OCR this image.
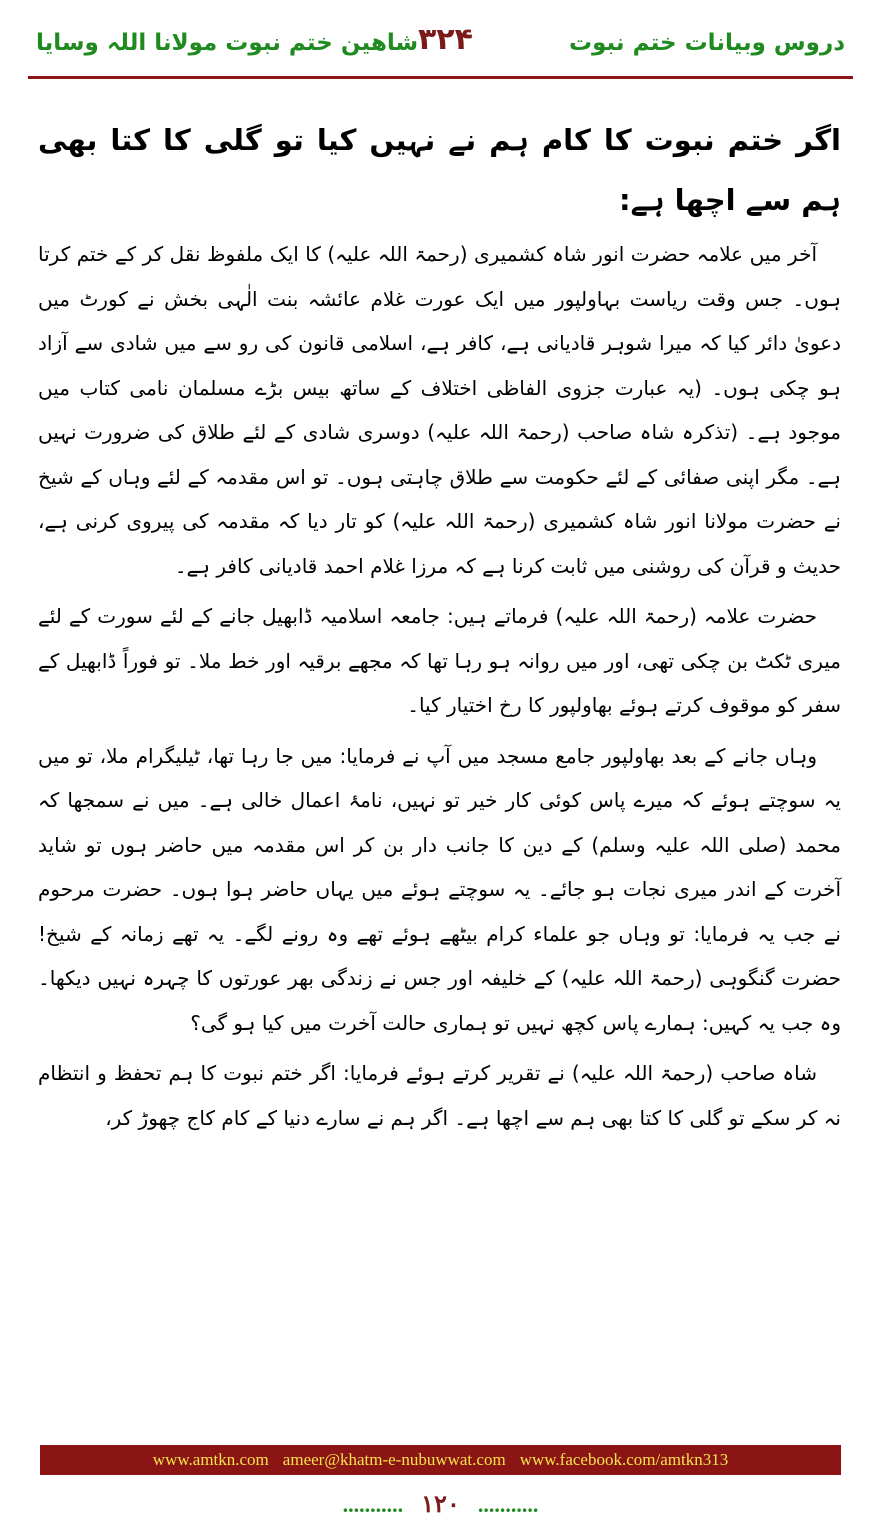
شاھین ختم نبوت مولانا اللہ وسایا ۳۲۴	دروس وبیانات ختم نبوت
اگر ختم نبوت کا کام ہم نے نہیں کیا تو گلی کا کتا بھی ہم سے اچھا ہے:

آخر میں علامہ حضرت انور شاہ کشمیری (رحمۃ اللہ علیہ) کا ایک ملفوظ نقل کر کے ختم کرتا ہوں۔ جس وقت ریاست بہاولپور میں ایک عورت غلام عائشہ بنت الٰہی بخش نے کورٹ میں دعویٰ دائر کیا کہ میرا شوہر قادیانی ہے، کافر ہے، اسلامی قانون کی رو سے میں شادی سے آزاد ہو چکی ہوں۔ (یہ عبارت جزوی الفاظی اختلاف کے ساتھ بیس بڑے مسلمان نامی کتاب میں موجود ہے۔ (تذکرہ شاہ صاحب (رحمۃ اللہ علیہ) دوسری شادی کے لئے طلاق کی ضرورت نہیں ہے۔ مگر اپنی صفائی کے لئے حکومت سے طلاق چاہتی ہوں۔ تو اس مقدمہ کے لئے وہاں کے شیخ نے حضرت مولانا انور شاہ کشمیری (رحمۃ اللہ علیہ) کو تار دیا کہ مقدمہ کی پیروی کرنی ہے، حدیث و قرآن کی روشنی میں ثابت کرنا ہے کہ مرزا غلام احمد قادیانی کافر ہے۔

حضرت علامہ (رحمۃ اللہ علیہ) فرماتے ہیں: جامعہ اسلامیہ ڈابھیل جانے کے لئے سورت کے لئے میری ٹکٹ بن چکی تھی، اور میں روانہ ہو رہا تھا کہ مجھے برقیہ اور خط ملا۔ تو فوراً ڈابھیل کے سفر کو موقوف کرتے ہوئے بھاولپور کا رخ اختیار کیا۔

وہاں جانے کے بعد بھاولپور جامع مسجد میں آپ نے فرمایا: میں جا رہا تھا، ٹیلیگرام ملا، تو میں یہ سوچتے ہوئے کہ میرے پاس کوئی کار خیر تو نہیں، نامۂ اعمال خالی ہے۔ میں نے سمجھا کہ محمد (صلی اللہ علیہ وسلم) کے دین کا جانب دار بن کر اس مقدمہ میں حاضر ہوں تو شاید آخرت کے اندر میری نجات ہو جائے۔ یہ سوچتے ہوئے میں یہاں حاضر ہوا ہوں۔ حضرت مرحوم نے جب یہ فرمایا: تو وہاں جو علماء کرام بیٹھے ہوئے تھے وہ رونے لگے۔ یہ تھے زمانہ کے شیخ! حضرت گنگوہی (رحمۃ اللہ علیہ) کے خلیفہ اور جس نے زندگی بھر عورتوں کا چہرہ نہیں دیکھا۔ وہ جب یہ کہیں: ہمارے پاس کچھ نہیں تو ہماری حالت آخرت میں کیا ہو گی؟

شاہ صاحب (رحمۃ اللہ علیہ) نے تقریر کرتے ہوئے فرمایا: اگر ختم نبوت کا ہم تحفظ و انتظام نہ کر سکے تو گلی کا کتا بھی ہم سے اچھا ہے۔ اگر ہم نے سارے دنیا کے کام کاج چھوڑ کر،

www.amtkn.com ameer@khatm-e-nubuwwat.com www.facebook.com/amtkn313
........... ۱۲۰ ...........
